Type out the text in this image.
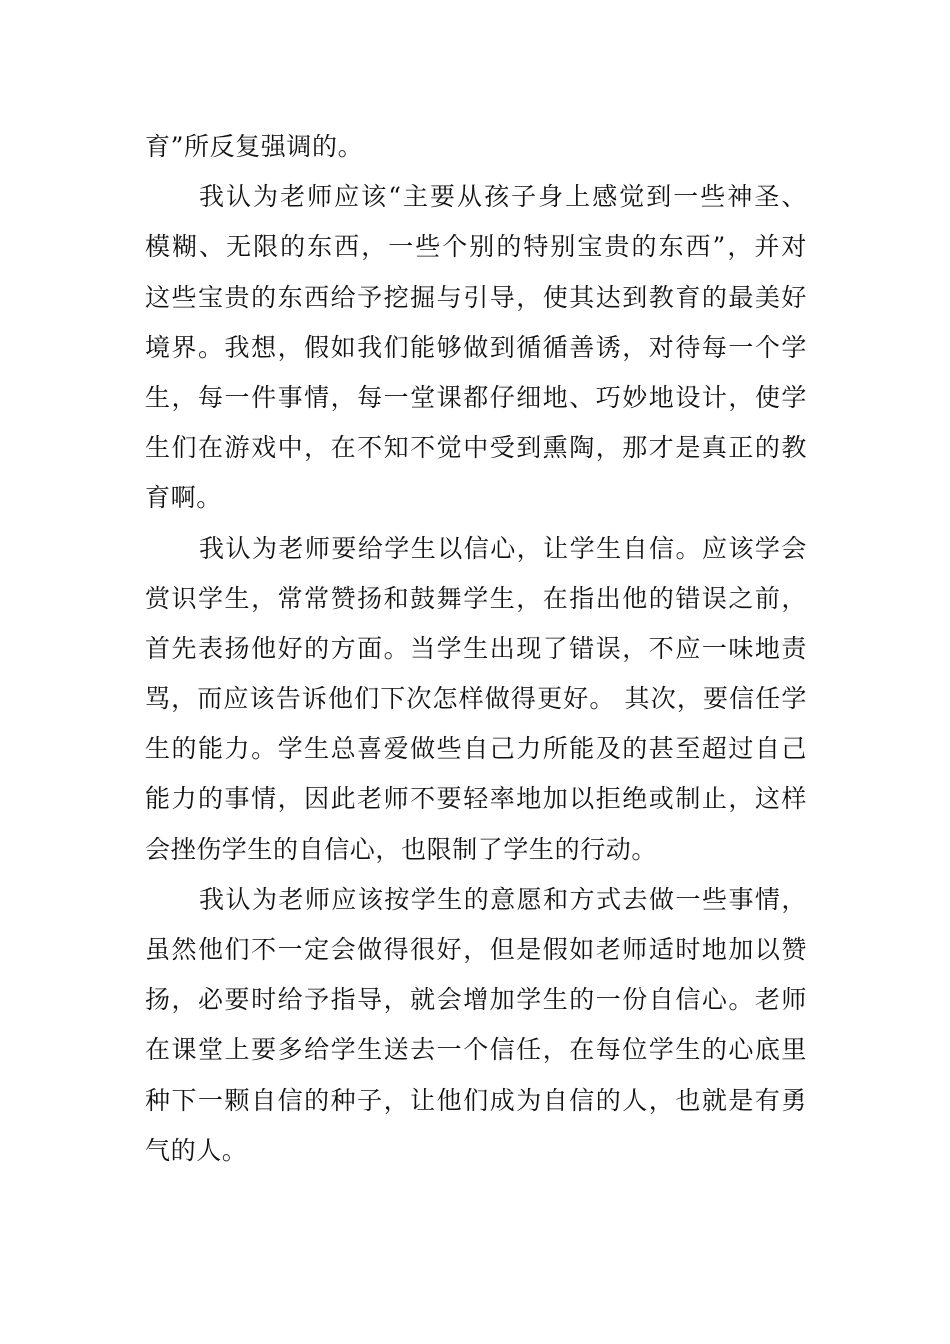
育”所反复强调的。
我认为老师应该“主要从孩子身上感觉到一些神圣、
模糊、无限的东西，一些个别的特别宝贵的东西”，并对
这些宝贵的东西给予挖掘与引导，使其达到教育的最美好
境界。我想，假如我们能够做到循循善诱，对待每一个学
生，每一件事情，每一堂课都仔细地、巧妙地设计，使学
生们在游戏中，在不知不觉中受到熏陶，那才是真正的教
育啊。
我认为老师要给学生以信心，让学生自信。应该学会
赏识学生，常常赞扬和鼓舞学生，在指出他的错误之前，
首先表扬他好的方面。当学生出现了错误，不应一味地责
骂，而应该告诉他们下次怎样做得更好。 其次，要信任学
生的能力。学生总喜爱做些自己力所能及的甚至超过自己
能力的事情，因此老师不要轻率地加以拒绝或制止，这样
会挫伤学生的自信心，也限制了学生的行动。
我认为老师应该按学生的意愿和方式去做一些事情，
虽然他们不一定会做得很好，但是假如老师适时地加以赞
扬，必要时给予指导，就会增加学生的一份自信心。老师
在课堂上要多给学生送去一个信任，在每位学生的心底里
种下一颗自信的种子，让他们成为自信的人，也就是有勇
气的人。
